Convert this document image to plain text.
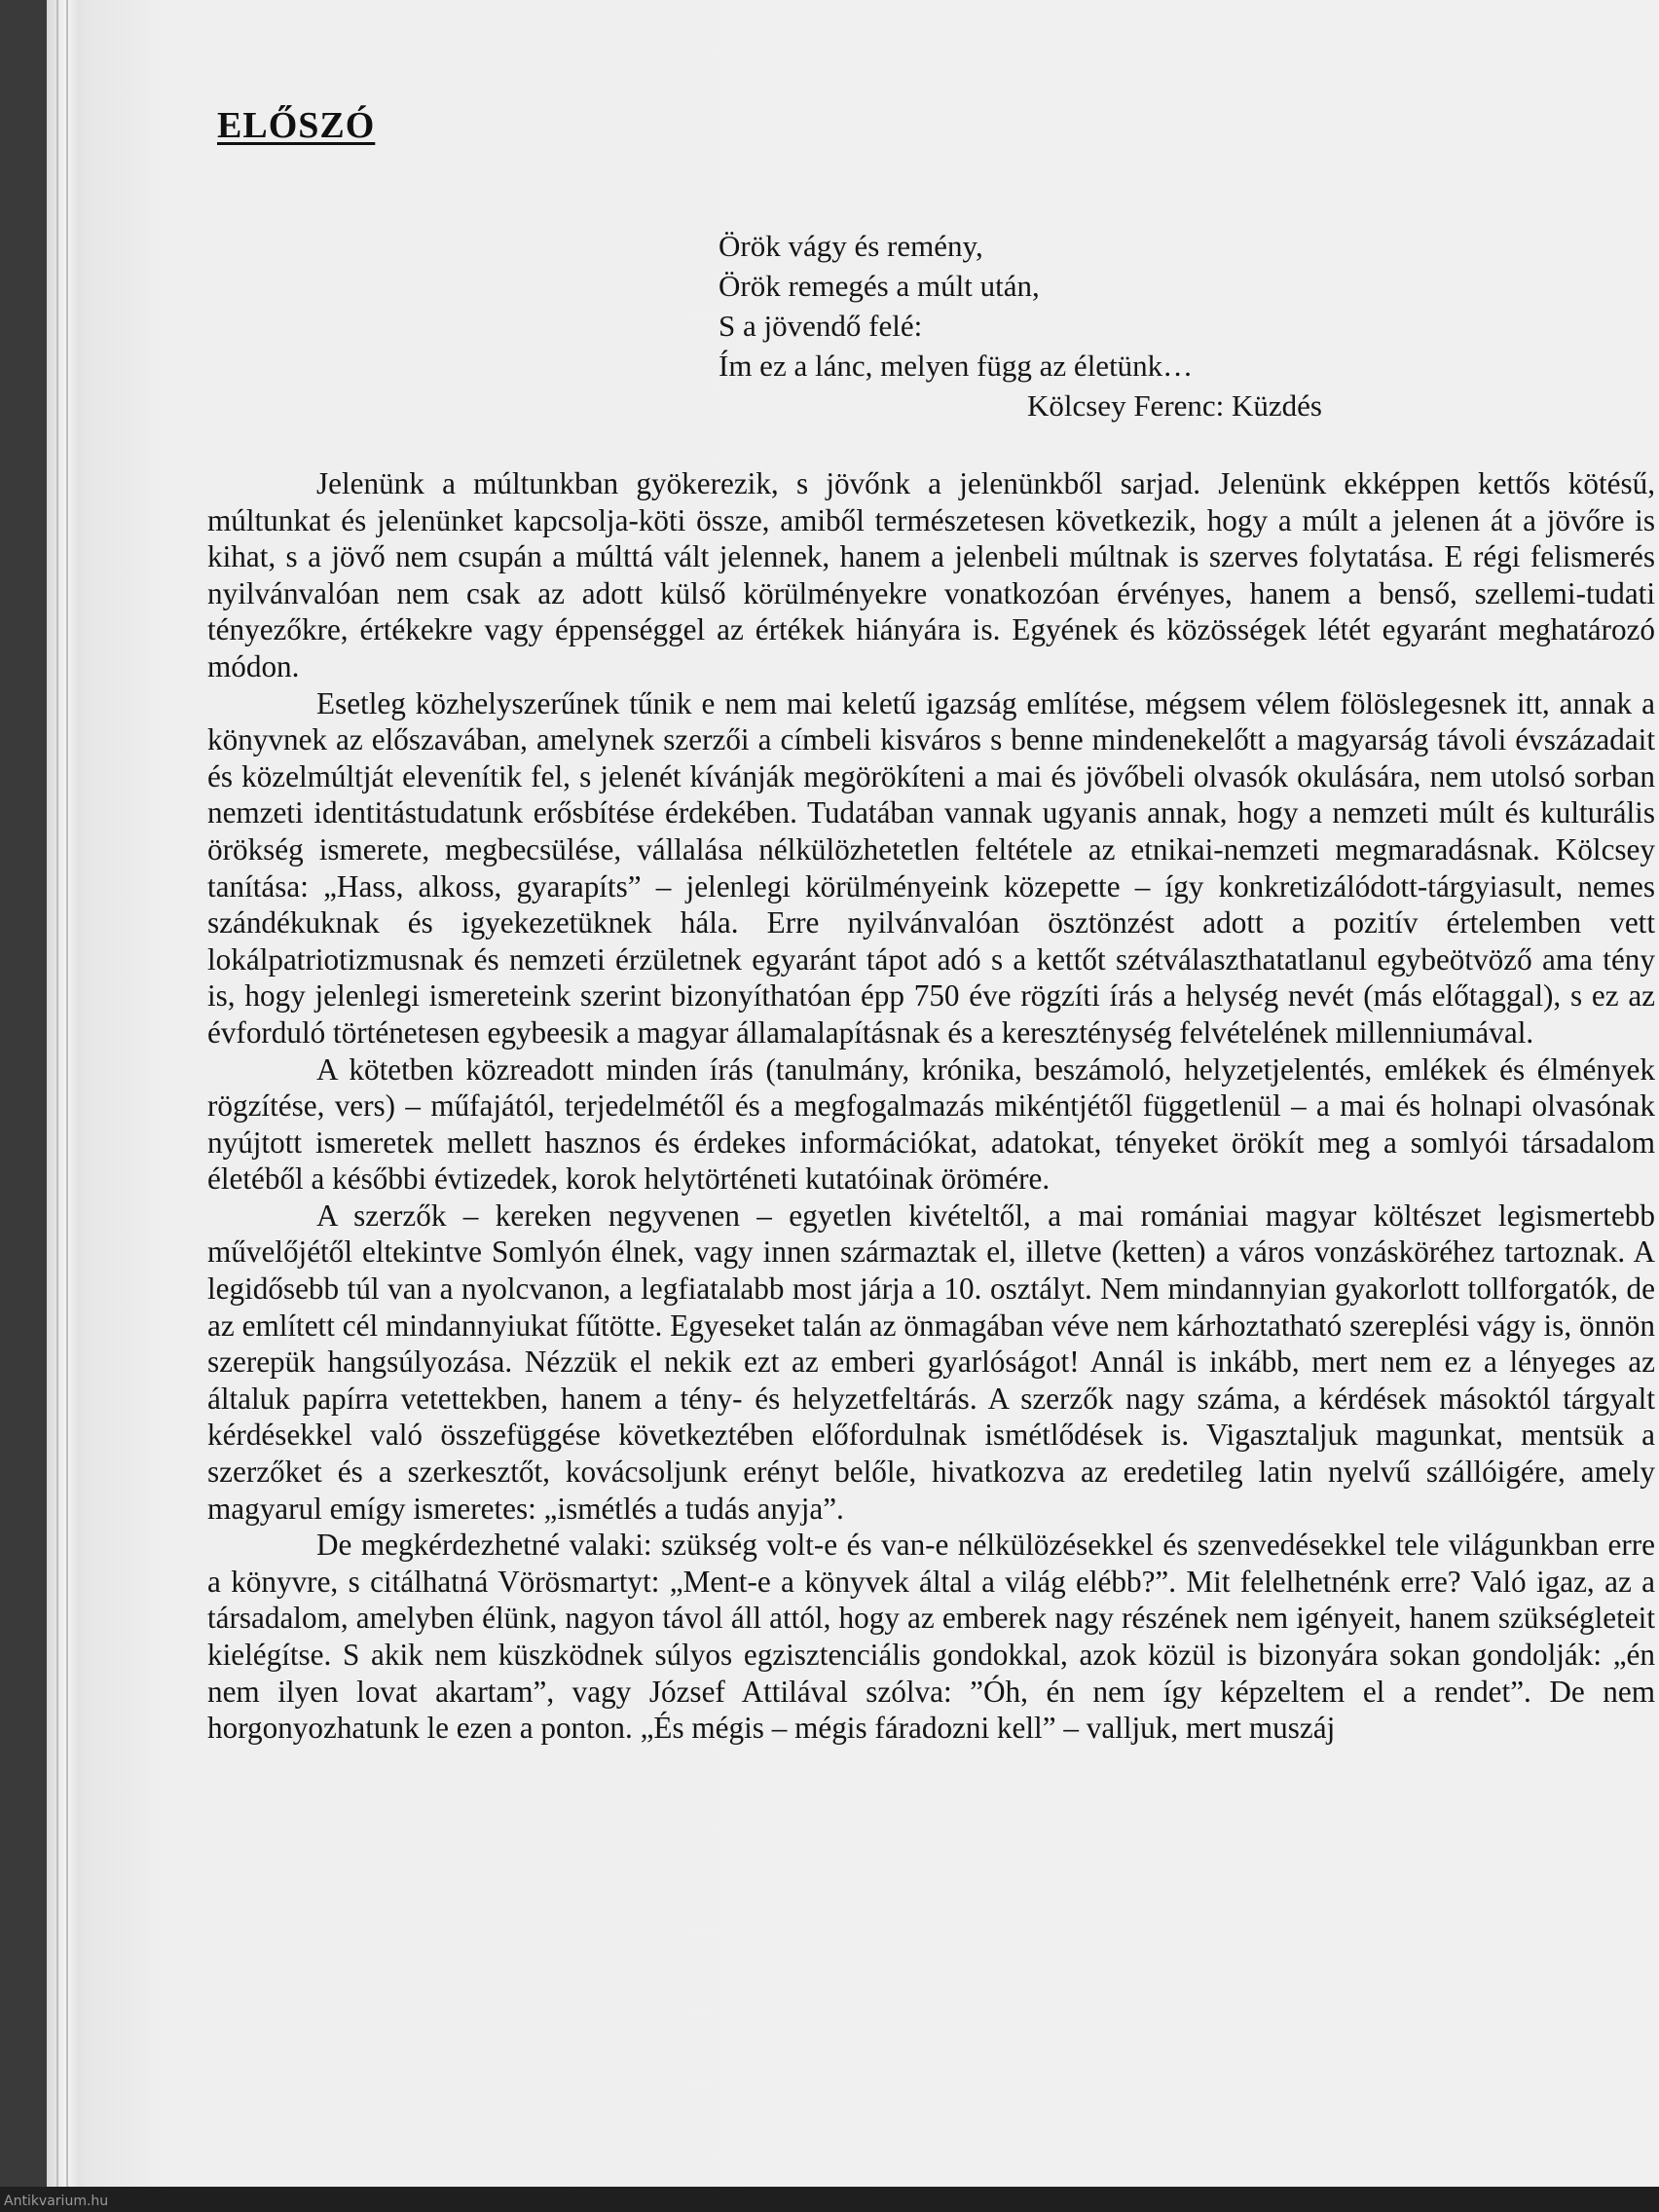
ELŐSZÓ
Örök vágy és remény,
Örök remegés a múlt után,
S a jövendő felé:
Ím ez a lánc, melyen függ az életünk…
Kölcsey Ferenc: Küzdés

Jelenünk a múltunkban gyökerezik, s jövőnk a jelenünkből sarjad. Jelenünk ekképpen kettős kötésű, múltunkat és jelenünket kapcsolja-köti össze, amiből természetesen következik, hogy a múlt a jelenen át a jövőre is kihat, s a jövő nem csupán a múlttá vált jelennek, hanem a jelenbeli múltnak is szerves folytatása. E régi felismerés nyilvánvalóan nem csak az adott külső körülményekre vonatkozóan érvényes, hanem a benső, szellemi-tudati tényezőkre, értékekre vagy éppenséggel az értékek hiányára is. Egyének és közösségek létét egyaránt meghatározó módon.

Esetleg közhelyszerűnek tűnik e nem mai keletű igazság említése, mégsem vélem fölöslegesnek itt, annak a könyvnek az előszavában, amelynek szerzői a címbeli kisváros s benne mindenekelőtt a magyarság távoli évszázadait és közelmúltját elevenítik fel, s jelenét kívánják megörökíteni a mai és jövőbeli olvasók okulására, nem utolsó sorban nemzeti identitástudatunk erősbítése érdekében. Tudatában vannak ugyanis annak, hogy a nemzeti múlt és kulturális örökség ismerete, megbecsülése, vállalása nélkülözhetetlen feltétele az etnikai-nemzeti megmaradásnak. Kölcsey tanítása: „Hass, alkoss, gyarapíts” – jelenlegi körülményeink közepette – így konkretizálódott-tárgyiasult, nemes szándékuknak és igyekezetüknek hála. Erre nyilvánvalóan ösztönzést adott a pozitív értelemben vett lokálpatriotizmusnak és nemzeti érzületnek egyaránt tápot adó s a kettőt szétválaszthatatlanul egybeötvöző ama tény is, hogy jelenlegi ismereteink szerint bizonyíthatóan épp 750 éve rögzíti írás a helység nevét (más előtaggal), s ez az évforduló történetesen egybeesik a magyar államalapításnak és a kereszténység felvételének millenniumával.

A kötetben közreadott minden írás (tanulmány, krónika, beszámoló, helyzetjelentés, emlékek és élmények rögzítése, vers) – műfajától, terjedelmétől és a megfogalmazás mikéntjétől függetlenül – a mai és holnapi olvasónak nyújtott ismeretek mellett hasznos és érdekes információkat, adatokat, tényeket örökít meg a somlyói társadalom életéből a későbbi évtizedek, korok helytörténeti kutatóinak örömére.

A szerzők – kereken negyvenen – egyetlen kivételtől, a mai romániai magyar költészet legismertebb művelőjétől eltekintve Somlyón élnek, vagy innen származtak el, illetve (ketten) a város vonzásköréhez tartoznak. A legidősebb túl van a nyolcvanon, a legfiatalabb most járja a 10. osztályt. Nem mindannyian gyakorlott tollforgatók, de az említett cél mindannyiukat fűtötte. Egyeseket talán az önmagában véve nem kárhoztatható szereplési vágy is, önnön szerepük hangsúlyozása. Nézzük el nekik ezt az emberi gyarlóságot! Annál is inkább, mert nem ez a lényeges az általuk papírra vetettekben, hanem a tény- és helyzetfeltárás. A szerzők nagy száma, a kérdések másoktól tárgyalt kérdésekkel való összefüggése következtében előfordulnak ismétlődések is. Vigasztaljuk magunkat, mentsük a szerzőket és a szerkesztőt, kovácsoljunk erényt belőle, hivatkozva az eredetileg latin nyelvű szállóigére, amely magyarul emígy ismeretes: „ismétlés a tudás anyja”.

De megkérdezhetné valaki: szükség volt-e és van-e nélkülözésekkel és szenvedésekkel tele világunkban erre a könyvre, s citálhatná Vörösmartyt: „Ment-e a könyvek által a világ elébb?”. Mit felelhetnénk erre? Való igaz, az a társadalom, amelyben élünk, nagyon távol áll attól, hogy az emberek nagy részének nem igényeit, hanem szükségleteit kielégítse. S akik nem küszködnek súlyos egzisztenciális gondokkal, azok közül is bizonyára sokan gondolják: „én nem ilyen lovat akartam”, vagy József Attilával szólva: ”Óh, én nem így képzeltem el a rendet”. De nem horgonyozhatunk le ezen a ponton. „És mégis – mégis fáradozni kell” – valljuk, mert muszáj

Antikvarium.hu
